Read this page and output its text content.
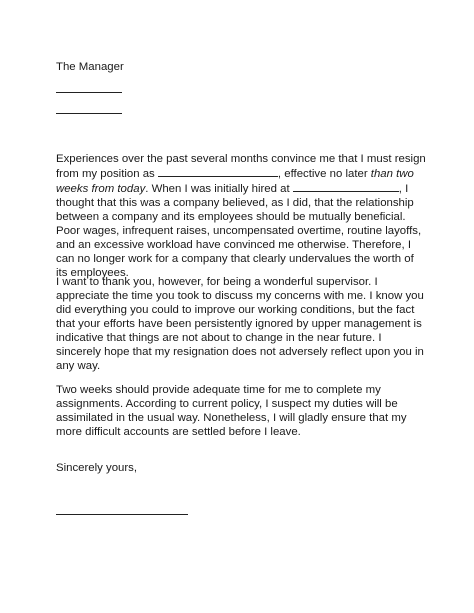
The Manager

Experiences over the past several months convince me that I must resign from my position as	, effective no later than two weeks from today. When I was initially hired at	, I thought that this was a company believed, as I did, that the relationship between a company and its employees should be mutually beneficial. Poor wages, infrequent raises, uncompensated overtime, routine layoffs, and an excessive workload have convinced me otherwise. Therefore, I can no longer work for a company that clearly undervalues the worth of its employees.

I want to thank you, however, for being a wonderful supervisor. I appreciate the time you took to discuss my concerns with me. I know you did everything you could to improve our working conditions, but the fact that your efforts have been persistently ignored by upper management is indicative that things are not about to change in the near future. I sincerely hope that my resignation does not adversely reflect upon you in any way.

Two weeks should provide adequate time for me to complete my assignments. According to current policy, I suspect my duties will be assimilated in the usual way. Nonetheless, I will gladly ensure that my more difficult accounts are settled before I leave.

Sincerely yours,
